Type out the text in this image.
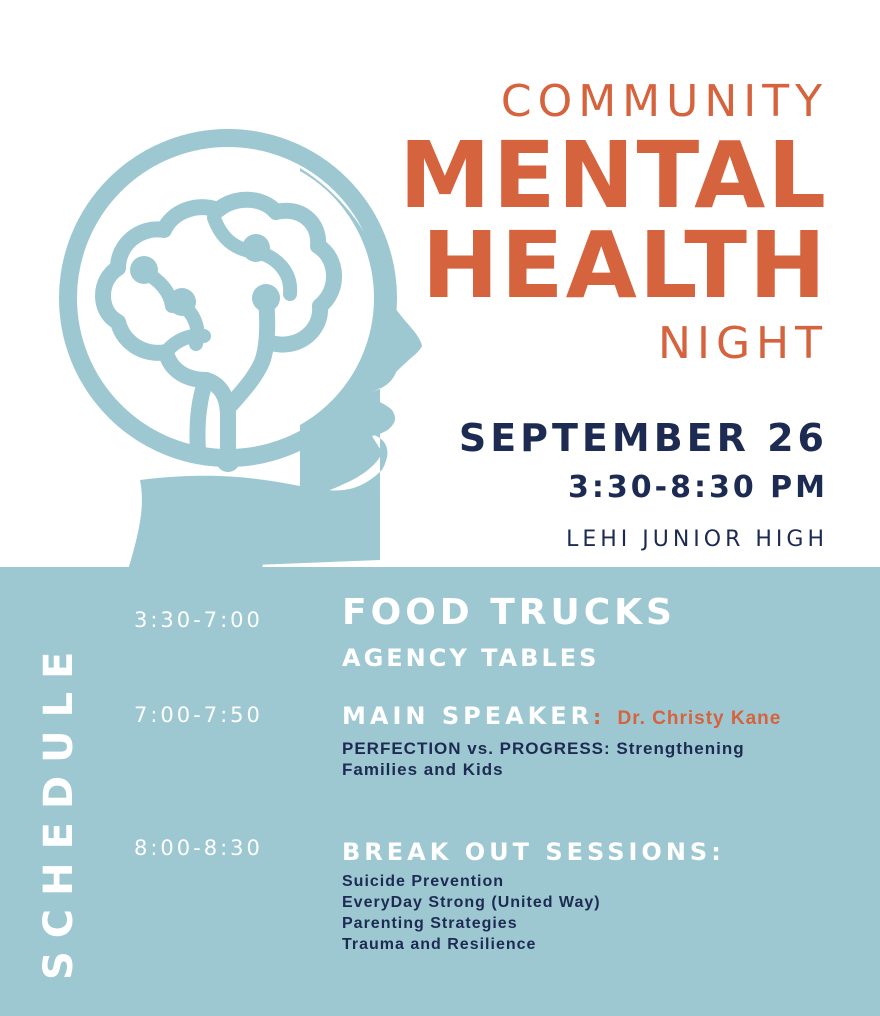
COMMUNITY
MENTAL
HEALTH
NIGHT
SEPTEMBER 26
3:30-8:30 PM
LEHI JUNIOR HIGH
SCHEDULE
3:30-7:00 FOOD TRUCKS
AGENCY TABLES
7:00-7:50	MAIN SPEAKER: Dr. Christy Kane
PERFECTION vs. PROGRESS: Strengthening
Families and Kids
8:00-8:30	BREAK OUT SESSIONS:
Suicide Prevention
EveryDay Strong (United Way)
Parenting Strategies
Trauma and Resilience
